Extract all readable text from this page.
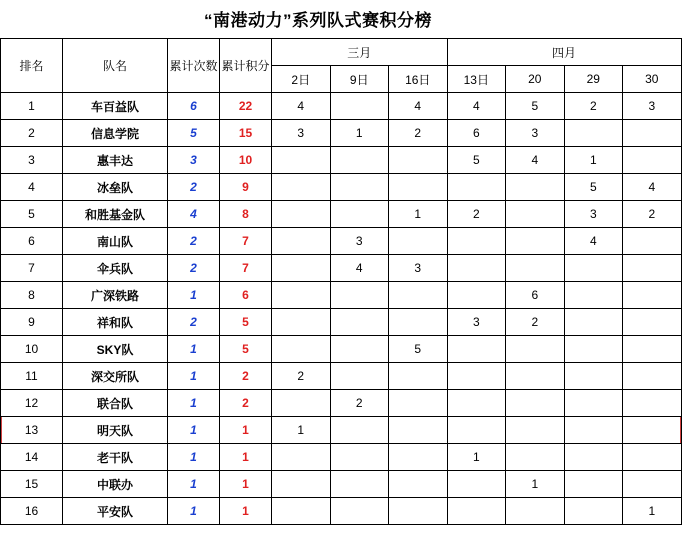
“南港动力”系列队式赛积分榜
排名	队名	累计次数	累计积分	三月			四月			
				2日	9日	16日	13日	20	29	30
1	车百益队	6	22	4		4	4	5	2	3
2	信息学院	5	15	3	1	2	6	3		
3	惠丰达	3	10				5	4	1	
4	冰垒队	2	9						5	4
5	和胜基金队	4	8			1	2		3	2
6	南山队	2	7		3				4	
7	伞兵队	2	7		4	3				
8	广深铁路	1	6					6		
9	祥和队	2	5				3	2		
10	SKY队	1	5			5				
11	深交所队	1	2	2						
12	联合队	1	2		2					
13	明天队	1	1	1						
14	老干队	1	1				1			
15	中联办	1	1					1		
16	平安队	1	1							1
